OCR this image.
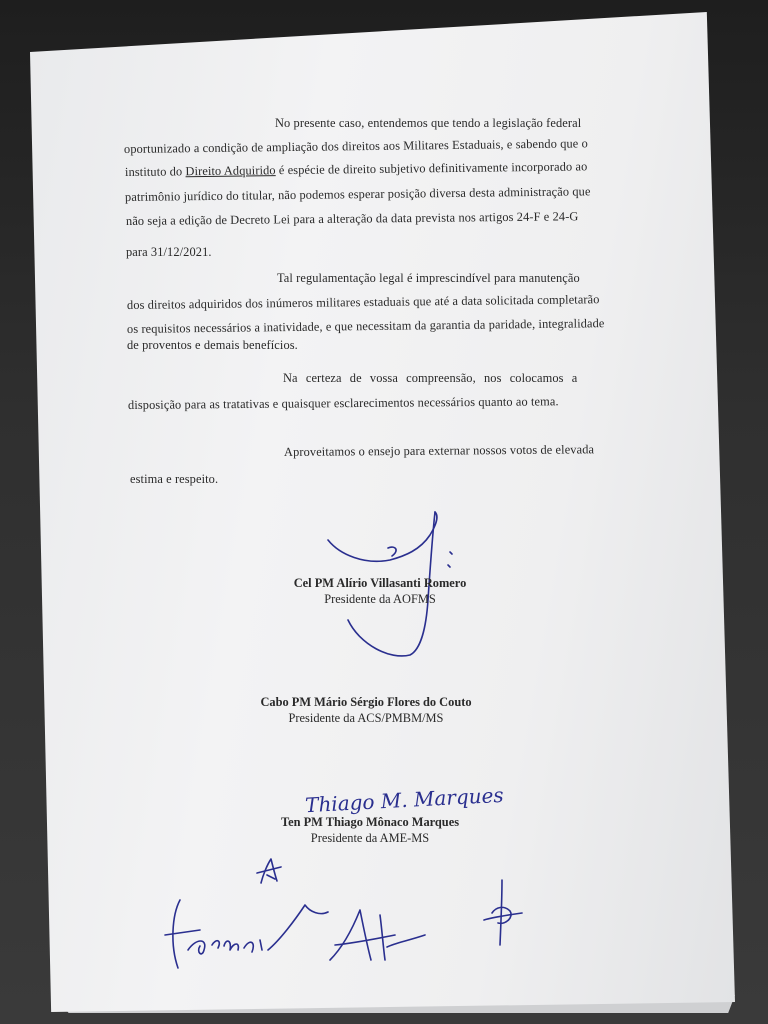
No presente caso, entendemos que tendo a legislação federal
oportunizado a condição de ampliação dos direitos aos Militares Estaduais, e sabendo que o
instituto do Direito Adquirido é espécie de direito subjetivo definitivamente incorporado ao
patrimônio jurídico do titular, não podemos esperar posição diversa desta administração que
não seja a edição de Decreto Lei para a alteração da data prevista nos artigos 24-F e 24-G
para 31/12/2021.
Tal regulamentação legal é imprescindível para manutenção
dos direitos adquiridos dos inúmeros militares estaduais que até a data solicitada completarão
os requisitos necessários a inatividade, e que necessitam da garantia da paridade, integralidade
de proventos e demais benefícios.
Na certeza de vossa compreensão, nos colocamos a
disposição para as tratativas e quaisquer esclarecimentos necessários quanto ao tema.
Aproveitamos o ensejo para externar nossos votos de elevada
estima e respeito.
Cel PM Alírio Villasanti Romero
Presidente da AOFMS
Cabo PM Mário Sérgio Flores do Couto
Presidente da ACS/PMBM/MS
Thiago M. Marques
Ten PM Thiago Mônaco Marques
Presidente da AME-MS
